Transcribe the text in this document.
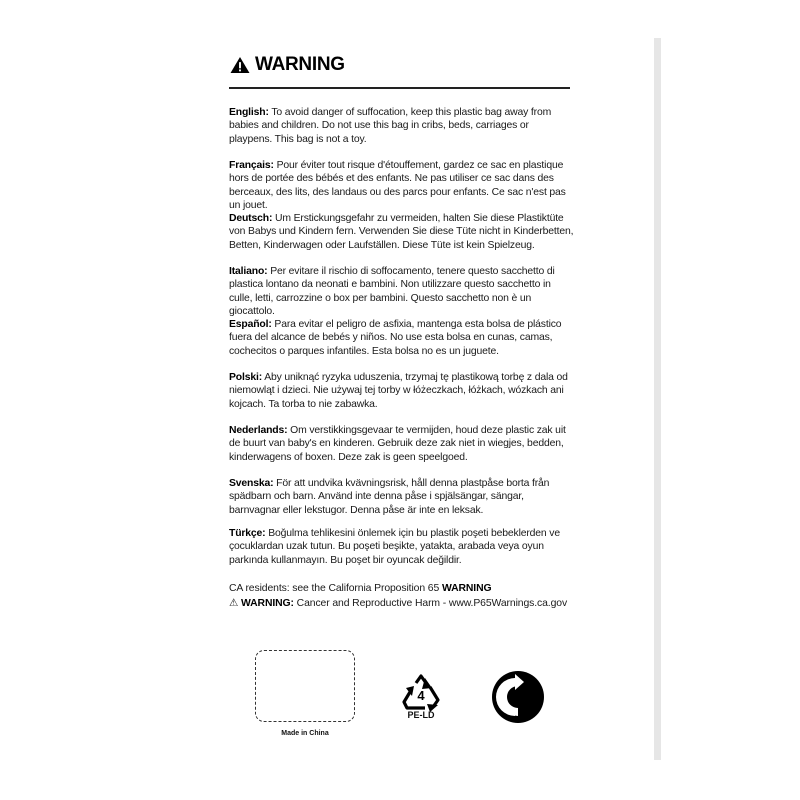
WARNING
English: To avoid danger of suffocation, keep this plastic bag away from babies and children. Do not use this bag in cribs, beds, carriages or playpens. This bag is not a toy.
Français: Pour éviter tout risque d'étouffement, gardez ce sac en plastique hors de portée des bébés et des enfants. Ne pas utiliser ce sac dans des berceaux, des lits, des landaus ou des parcs pour enfants. Ce sac n'est pas un jouet.
Deutsch: Um Erstickungsgefahr zu vermeiden, halten Sie diese Plastiktüte von Babys und Kindern fern. Verwenden Sie diese Tüte nicht in Kinderbetten, Betten, Kinderwagen oder Laufställen. Diese Tüte ist kein Spielzeug.
Italiano: Per evitare il rischio di soffocamento, tenere questo sacchetto di plastica lontano da neonati e bambini. Non utilizzare questo sacchetto in culle, letti, carrozzine o box per bambini. Questo sacchetto non è un giocattolo.
Español: Para evitar el peligro de asfixia, mantenga esta bolsa de plástico fuera del alcance de bebés y niños. No use esta bolsa en cunas, camas, cochecitos o parques infantiles. Esta bolsa no es un juguete.
Polski: Aby uniknąć ryzyka uduszenia, trzymaj tę plastikową torbę z dala od niemowląt i dzieci. Nie używaj tej torby w łóżeczkach, łóżkach, wózkach ani kojcach. Ta torba to nie zabawka.
Nederlands: Om verstikkingsgevaar te vermijden, houd deze plastic zak uit de buurt van baby's en kinderen. Gebruik deze zak niet in wiegjes, bedden, kinderwagens of boxen. Deze zak is geen speelgoed.
Svenska: För att undvika kvävningsrisk, håll denna plastpåse borta från spädbarn och barn. Använd inte denna påse i spjälsängar, sängar, barnvagnar eller lekstugor. Denna påse är inte en leksak.
Türkçe: Boğulma tehlikesini önlemek için bu plastik poşeti bebeklerden ve çocuklardan uzak tutun. Bu poşeti beşikte, yatakta, arabada veya oyun parkında kullanmayın. Bu poşet bir oyuncak değildir.
CA residents: see the California Proposition 65 WARNING
⚠ WARNING: Cancer and Reproductive Harm - www.P65Warnings.ca.gov
Made in China
4
PE-LD
